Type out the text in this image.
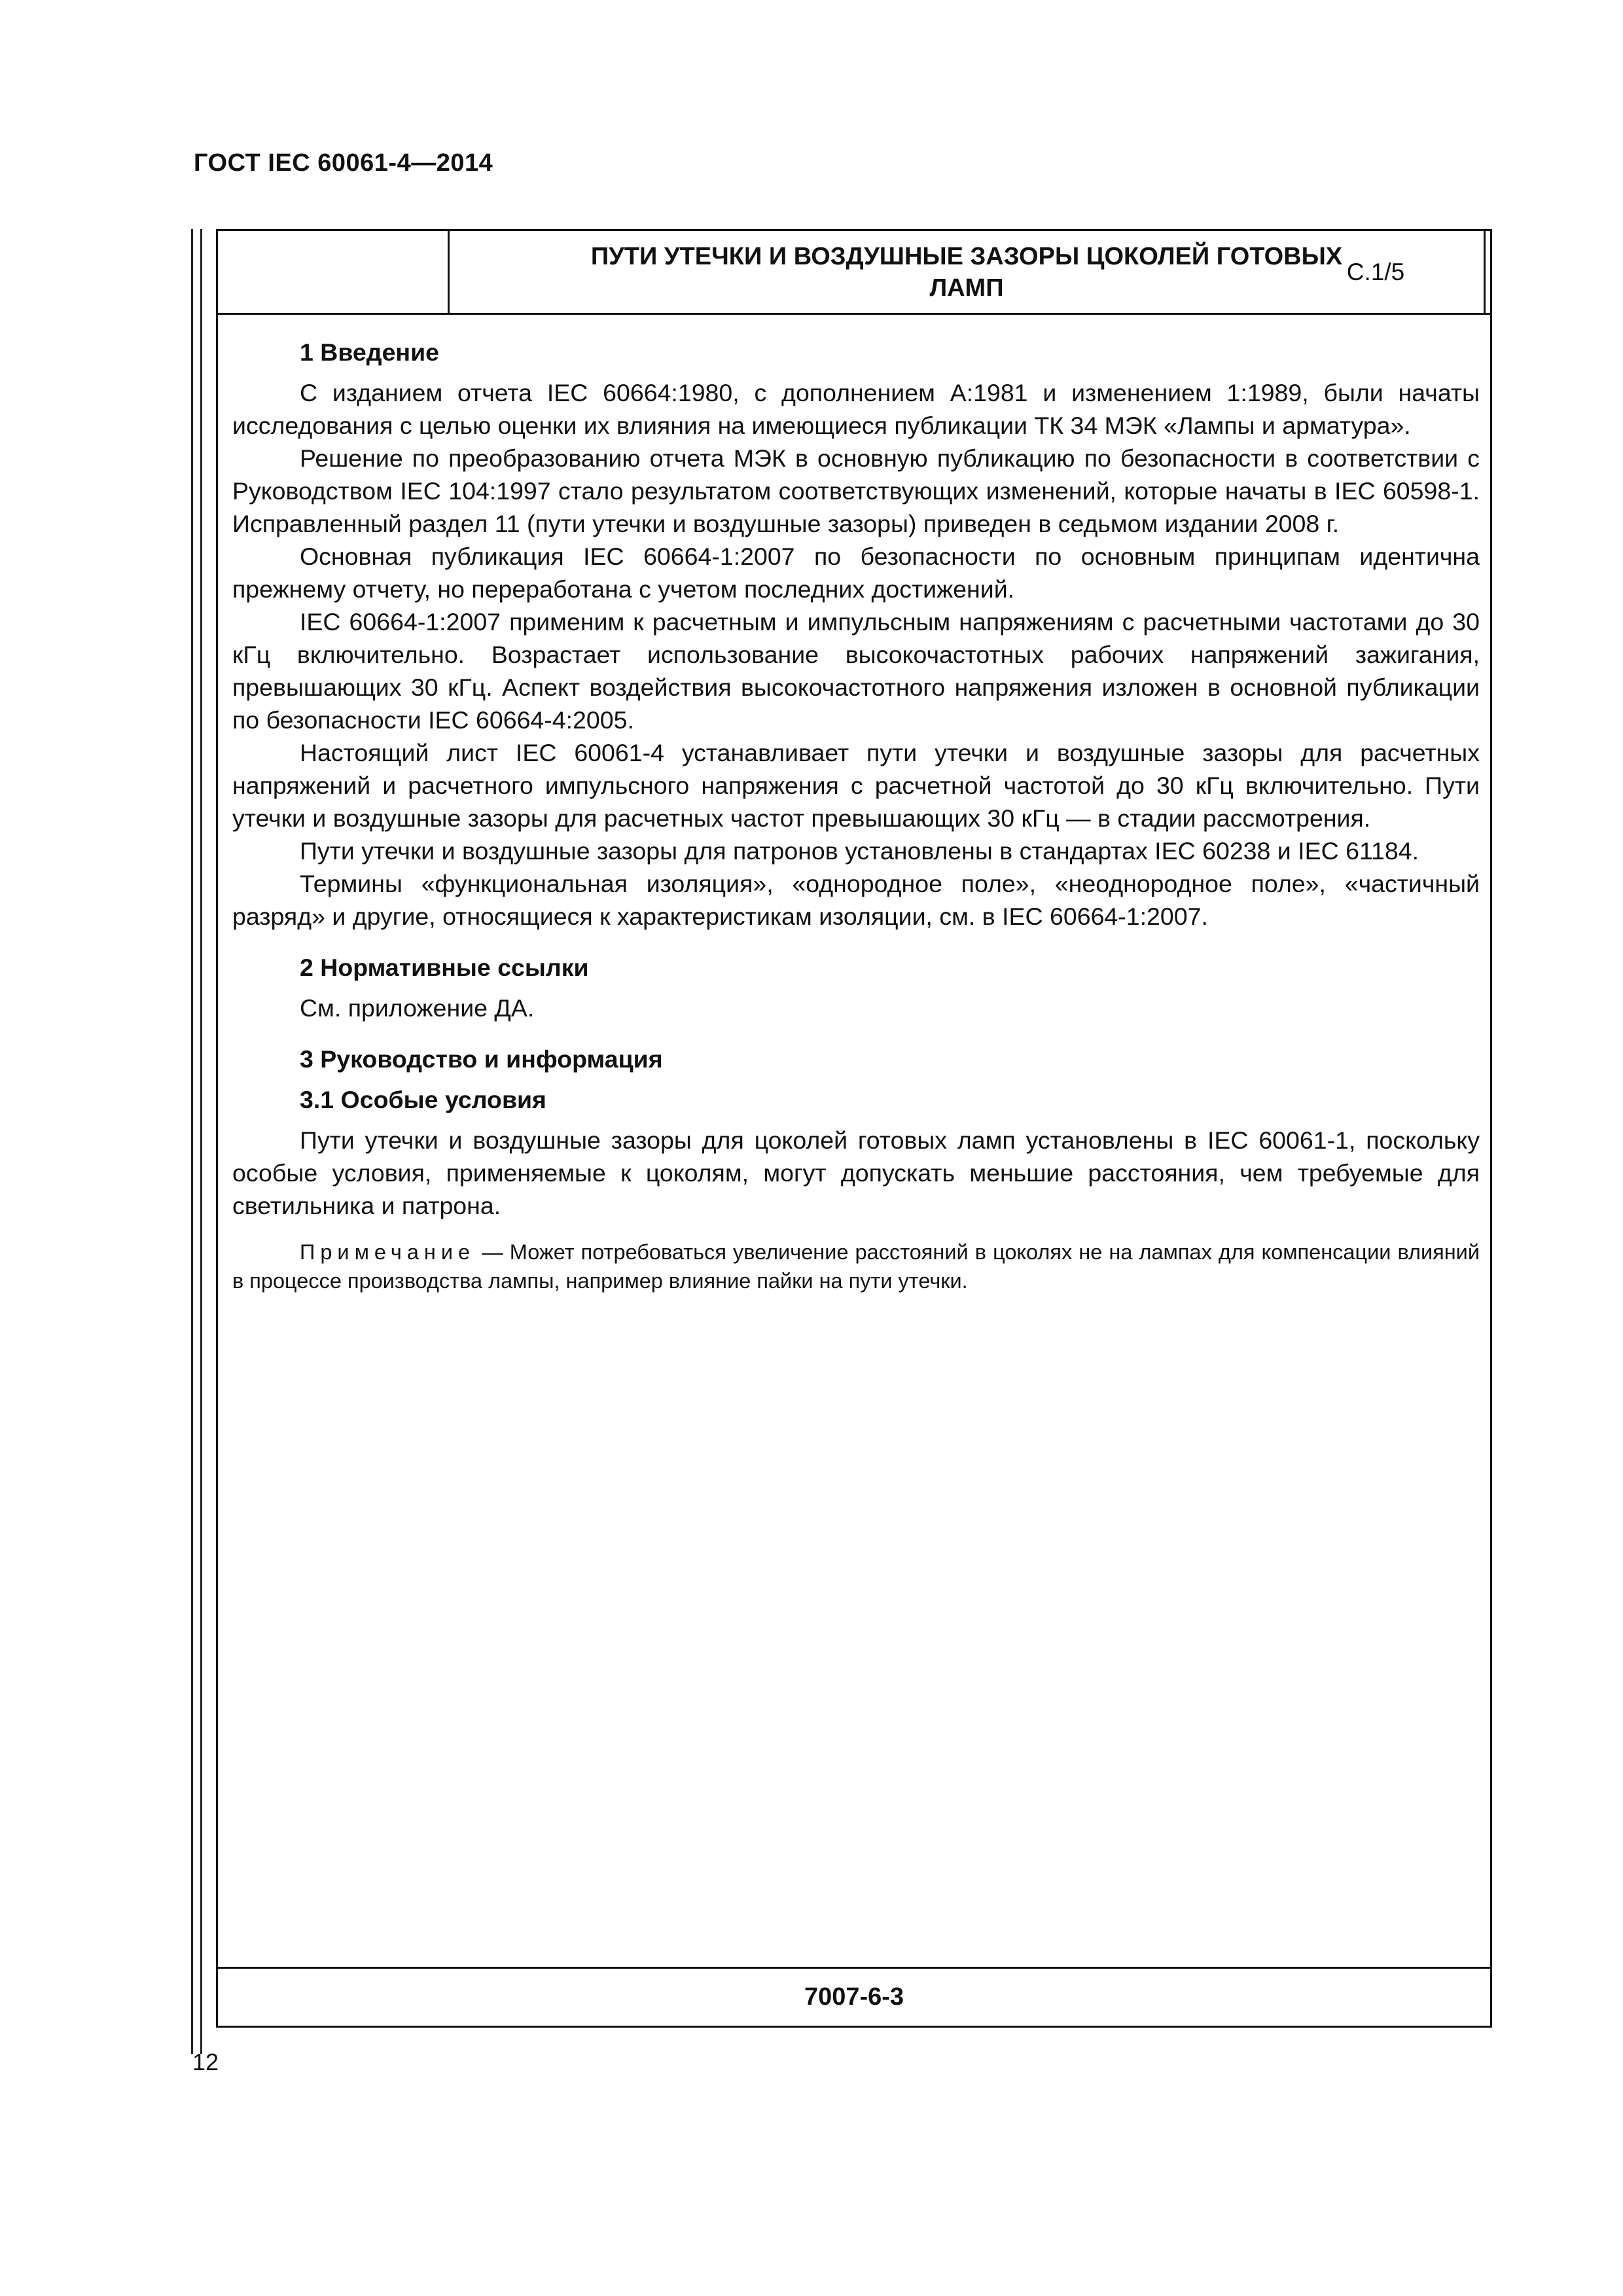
ГОСТ IEC 60061-4—2014
ПУТИ УТЕЧКИ И ВОЗДУШНЫЕ ЗАЗОРЫ ЦОКОЛЕЙ ГОТОВЫХ ЛАМП
С.1/5
1 Введение

С изданием отчета IEC 60664:1980, с дополнением A:1981 и изменением 1:1989, были начаты исследования с целью оценки их влияния на имеющиеся публикации ТК 34 МЭК «Лампы и арматура».

Решение по преобразованию отчета МЭК в основную публикацию по безопасности в соответствии с Руководством IEC 104:1997 стало результатом соответствующих изменений, которые начаты в IEC 60598-1. Исправленный раздел 11 (пути утечки и воздушные зазоры) приведен в седьмом издании 2008 г.

Основная публикация IEC 60664-1:2007 по безопасности по основным принципам идентична прежнему отчету, но переработана с учетом последних достижений.

IEC 60664-1:2007 применим к расчетным и импульсным напряжениям с расчетными частотами до 30 кГц включительно. Возрастает использование высокочастотных рабочих напряжений зажигания, превышающих 30 кГц. Аспект воздействия высокочастотного напряжения изложен в основной публикации по безопасности IEC 60664-4:2005.

Настоящий лист IEC 60061-4 устанавливает пути утечки и воздушные зазоры для расчетных напряжений и расчетного импульсного напряжения с расчетной частотой до 30 кГц включительно. Пути утечки и воздушные зазоры для расчетных частот превышающих 30 кГц — в стадии рассмотрения.

Пути утечки и воздушные зазоры для патронов установлены в стандартах IEC 60238 и IEC 61184.

Термины «функциональная изоляция», «однородное поле», «неоднородное поле», «частичный разряд» и другие, относящиеся к характеристикам изоляции, см. в IEC 60664-1:2007.

2 Нормативные ссылки

См. приложение ДА.

3 Руководство и информация
3.1 Особые условия

Пути утечки и воздушные зазоры для цоколей готовых ламп установлены в IEC 60061-1, поскольку особые условия, применяемые к цоколям, могут допускать меньшие расстояния, чем требуемые для светильника и патрона.

Примечание — Может потребоваться увеличение расстояний в цоколях не на лампах для компенсации влияний в процессе производства лампы, например влияние пайки на пути утечки.

7007-6-3
12
